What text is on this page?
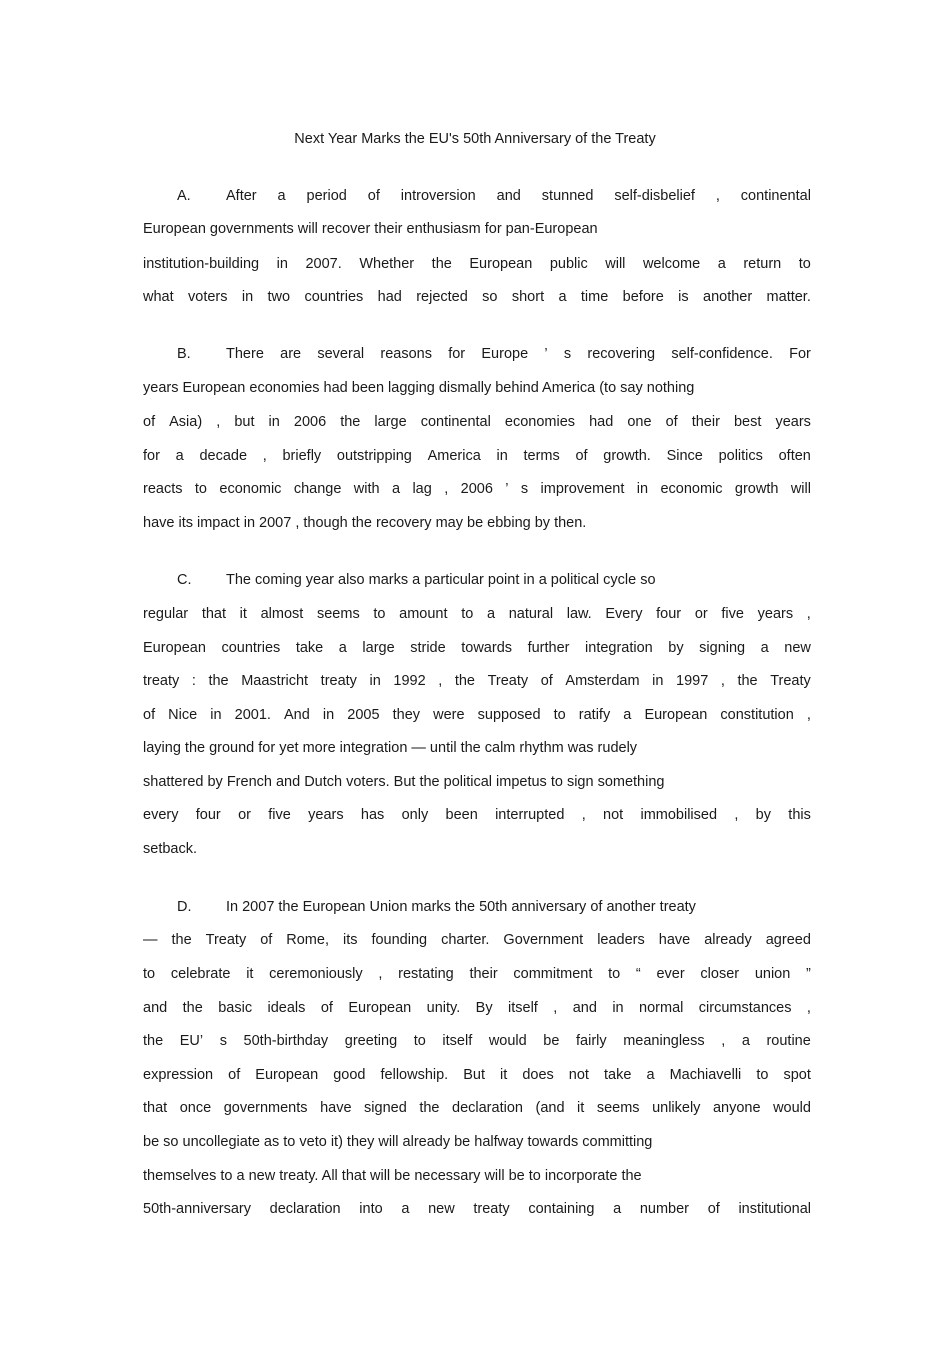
Next Year Marks the EU's 50th Anniversary of the Treaty
A. After a period of introversion and stunned self-disbelief , continental
European governments will recover their enthusiasm for pan-European
institution-building in 2007. Whether the European public will welcome a return to
what voters in two countries had rejected so short a time before is another matter.
B. There are several reasons for Europe ’ s recovering self-confidence. For
years European economies had been lagging dismally behind America (to say nothing
of Asia) , but in 2006 the large continental economies had one of their best years
for a decade , briefly outstripping America in terms of growth. Since politics often
reacts to economic change with a lag , 2006 ’ s improvement in economic growth will
have its impact in 2007 , though the recovery may be ebbing by then.
C. The coming year also marks a particular point in a political cycle so
regular that it almost seems to amount to a natural law. Every four or five years ,
European countries take a large stride towards further integration by signing a new
treaty : the Maastricht treaty in 1992 , the Treaty of Amsterdam in 1997 , the Treaty
of Nice in 2001. And in 2005 they were supposed to ratify a European constitution ,
laying the ground for yet more integration — until the calm rhythm was rudely
shattered by French and Dutch voters. But the political impetus to sign something
every four or five years has only been interrupted , not immobilised , by this
setback.
D. In 2007 the European Union marks the 50th anniversary of another treaty
— the Treaty of Rome, its founding charter. Government leaders have already agreed
to celebrate it ceremoniously , restating their commitment to “ ever closer union ”
and the basic ideals of European unity. By itself , and in normal circumstances ,
the EU’ s 50th-birthday greeting to itself would be fairly meaningless , a routine
expression of European good fellowship. But it does not take a Machiavelli to spot
that once governments have signed the declaration (and it seems unlikely anyone would
be so uncollegiate as to veto it) they will already be halfway towards committing
themselves to a new treaty. All that will be necessary will be to incorporate the
50th-anniversary declaration into a new treaty containing a number of institutional
